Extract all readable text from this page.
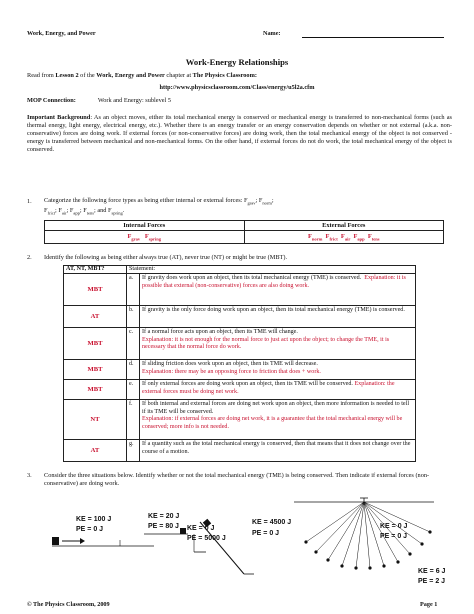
Work, Energy, and Power	Name:
Work-Energy Relationships
Read from Lesson 2 of the Work, Energy and Power chapter at The Physics Classroom:
http://www.physicsclassroom.com/Class/energy/u5l2a.cfm
MOP Connection:	Work and Energy: sublevel 5
Important Background: As an object moves, either its total mechanical energy is conserved or mechanical energy is transferred to non-mechanical forms (such as thermal energy, light energy, electrical energy, etc.). Whether there is an energy transfer or an energy conservation depends on whether or not external (a.k.a. non-conservative) forces are doing work. If external forces (or non-conservative forces) are doing work, then the total mechanical energy of the object is not conserved - energy is transferred between mechanical and non-mechanical forms. On the other hand, if external forces do not do work, the total mechanical energy of the object is conserved.
1. Categorize the following force types as being either internal or external forces: $F_{grav}$; $F_{norm}$;
$F_{frict}$; $F_{air}$; $F_{app}$; $F_{tens}$; and $F_{spring}$.
Internal Forces	External Forces
$F_{grav}$   $F_{spring}$	$F_{norm}$  $F_{frict}$  $F_{air}$  $F_{app}$  $F_{tens}$
2. Identify the following as being either always true (AT), never true (NT) or might be true (MBT).
AT, NT, MBT?	Statement:	
MBT	a.	If gravity does work upon an object, then its total mechanical energy (TME) is conserved. Explanation: it is possible that external (non-conservative) forces are also doing work.
AT	b.	If gravity is the only force doing work upon an object, then its total mechanical energy (TME) is conserved.
MBT	c.	If a normal force acts upon an object, then its TME will change.
Explanation: it is not enough for the normal force to just act upon the object; to change the TME, it is necessary that the normal force do work.
MBT	d.	If sliding friction does work upon an object, then its TME will decrease.
Explanation: there may be an opposing force to friction that does + work.
MBT	e.	If only external forces are doing work upon an object, then its TME will be conserved. Explanation: the external forces must be doing net work.
NT	f.	If both internal and external forces are doing net work upon an object, then more information is needed to tell if its TME will be conserved.
Explanation: if external forces are doing net work, it is a guarantee that the total mechanical energy will be conserved; more info is not needed.
AT	g.	If a quantity such as the total mechanical energy is conserved, then that means that it does not change over the course of a motion.
3. Consider the three situations below. Identify whether or not the total mechanical energy (TME) is being conserved. Then indicate if external forces (non-conservative) are doing work.
KE = 100 J
PE = 0 J
KE = 20 J
PE = 80 J KE = 0 J
PE = 5000 J
KE = 4500 J
PE = 0 J
KE = 0 J
PE = 0 J
KE = 6 J
PE = 2 J
© The Physics Classroom, 2009	Page 1
